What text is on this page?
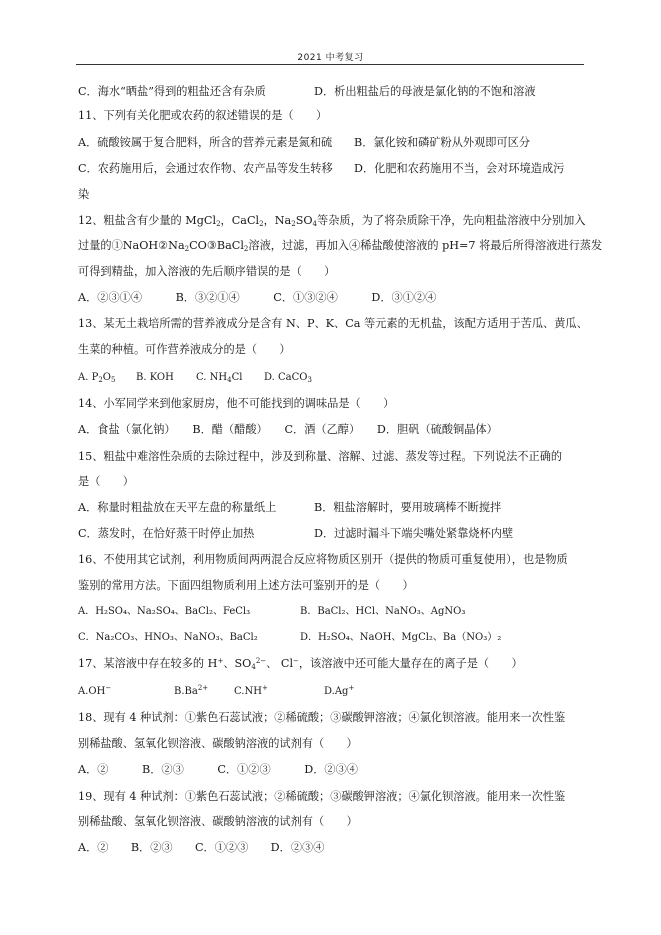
2021 中考复习
C．海水“晒盐”得到的粗盐还含有杂质	D．析出粗盐后的母液是氯化钠的不饱和溶液
11、下列有关化肥或农药的叙述错误的是（　　）
A．硫酸铵属于复合肥料，所含的营养元素是氮和硫 B．氯化铵和磷矿粉从外观即可区分
C．农药施用后，会通过农作物、农产品等发生转移 D．化肥和农药施用不当，会对环境造成污
染
12、粗盐含有少量的 MgCl$_2$，CaCl$_2$，$Na_2SO_4$等杂质，为了将杂质除干净，先向粗盐溶液中分别加入
过量的$①NaOH②Na_2CO③BaCl_2$溶液，过滤，再加入④稀盐酸使溶液的 pH=7 将最后所得溶液进行蒸发
可得到精盐，加入溶液的先后顺序错误的是（　　）
A．②③①④　　　B．③②①④　　　C．①③②④　　　D．③①②④
13、某无土栽培所需的营养液成分是含有 N、P、K、Ca 等元素的无机盐，该配方适用于苦瓜、黄瓜、
生菜的种植。可作营养液成分的是（　　）
A. $P_2O_5$ B. KOH C. $NH_4Cl$ D. CaCO$_3$
14、小军同学来到他家厨房，他不可能找到的调味品是（　　）
A．食盐（氯化钠）　　B．醋（醋酸）　　C．酒（乙醇）　　D．胆矾（硫酸铜晶体）
15、粗盐中难溶性杂质的去除过程中，涉及到称量、溶解、过滤、蒸发等过程。下列说法不正确的
是（　　）
A．称量时粗盐放在天平左盘的称量纸上	B．粗盐溶解时，要用玻璃棒不断搅拌
C．蒸发时，在恰好蒸干时停止加热	D．过滤时漏斗下端尖嘴处紧靠烧杯内壁
16、不使用其它试剂，利用物质间两两混合反应将物质区别开（提供的物质可重复使用），也是物质
鉴别的常用方法。下面四组物质利用上述方法可鉴别开的是（　　）
A．H₂SO₄、Na₂SO₄、BaCl₂、FeCl₃	B．BaCl₂、HCl、NaNO₃、AgNO₃
C．Na₂CO₃、HNO₃、NaNO₃、BaCl₂	D．H₂SO₄、NaOH、MgCl₂、Ba（NO₃）₂
17、某溶液中存在较多的 H+、$SO_4^{2-}$、 Cl−，该溶液中还可能大量存在的离子是（　　）
A.OH−	$B.Ba^{2+}$	C.NH+	D.Ag+
18、现有 4 种试剂：①紫色石蕊试液；②稀硫酸；③碳酸钾溶液；④氯化钡溶液。能用来一次性鉴
别稀盐酸、氢氧化钡溶液、碳酸钠溶液的试剂有（　　）
A．②　　　B．②③　　　C．①②③　　　D．②③④
19、现有 4 种试剂：①紫色石蕊试液；②稀硫酸；③碳酸钾溶液；④氯化钡溶液。能用来一次性鉴
别稀盐酸、氢氧化钡溶液、碳酸钠溶液的试剂有（　　）
A．②　　B．②③　　C．①②③　　D．②③④
